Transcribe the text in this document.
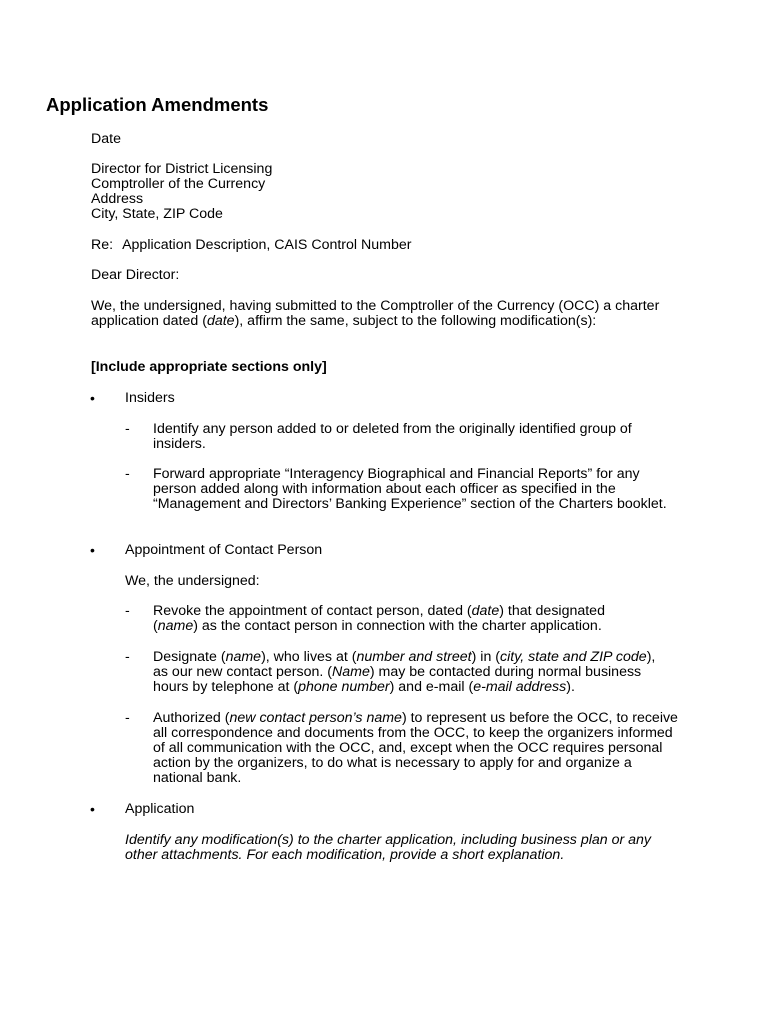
Application Amendments

Date

Director for District Licensing
Comptroller of the Currency
Address
City, State, ZIP Code

Re: Application Description, CAIS Control Number

Dear Director:

We, the undersigned, having submitted to the Comptroller of the Currency (OCC) a charter application dated (date), affirm the same, subject to the following modification(s):

[Include appropriate sections only]

• Insiders
- Identify any person added to or deleted from the originally identified group of insiders.

- Forward appropriate “Interagency Biographical and Financial Reports” for any person added along with information about each officer as specified in the “Management and Directors’ Banking Experience” section of the Charters booklet.

• Appointment of Contact Person

We, the undersigned:

- Revoke the appointment of contact person, dated (date) that designated (name) as the contact person in connection with the charter application.

- Designate (name), who lives at (number and street) in (city, state and ZIP code), as our new contact person. (Name) may be contacted during normal business hours by telephone at (phone number) and e-mail (e-mail address).

- Authorized (new contact person’s name) to represent us before the OCC, to receive all correspondence and documents from the OCC, to keep the organizers informed of all communication with the OCC, and, except when the OCC requires personal action by the organizers, to do what is necessary to apply for and organize a national bank.

• Application

Identify any modification(s) to the charter application, including business plan or any other attachments. For each modification, provide a short explanation.
